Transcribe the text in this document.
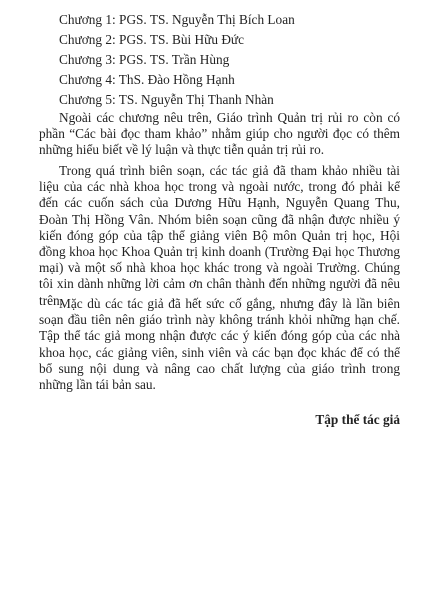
Chương 1: PGS. TS. Nguyễn Thị Bích Loan
Chương 2: PGS. TS. Bùi Hữu Đức
Chương 3: PGS. TS. Trần Hùng
Chương 4: ThS. Đào Hồng Hạnh
Chương 5: TS. Nguyễn Thị Thanh Nhàn

Ngoài các chương nêu trên, Giáo trình Quản trị rủi ro còn có phần “Các bài đọc tham khảo” nhằm giúp cho người đọc có thêm những hiểu biết về lý luận và thực tiễn quản trị rủi ro.

Trong quá trình biên soạn, các tác giả đã tham khảo nhiều tài liệu của các nhà khoa học trong và ngoài nước, trong đó phải kể đến các cuốn sách của Dương Hữu Hạnh, Nguyễn Quang Thu, Đoàn Thị Hồng Vân. Nhóm biên soạn cũng đã nhận được nhiều ý kiến đóng góp của tập thể giảng viên Bộ môn Quản trị học, Hội đồng khoa học Khoa Quản trị kinh doanh (Trường Đại học Thương mại) và một số nhà khoa học khác trong và ngoài Trường. Chúng tôi xin dành những lời cảm ơn chân thành đến những người đã nêu trên.

Mặc dù các tác giả đã hết sức cố gắng, nhưng đây là lần biên soạn đầu tiên nên giáo trình này không tránh khỏi những hạn chế. Tập thể tác giả mong nhận được các ý kiến đóng góp của các nhà khoa học, các giảng viên, sinh viên và các bạn đọc khác để có thể bổ sung nội dung và nâng cao chất lượng của giáo trình trong những lần tái bản sau.

Tập thể tác giả
